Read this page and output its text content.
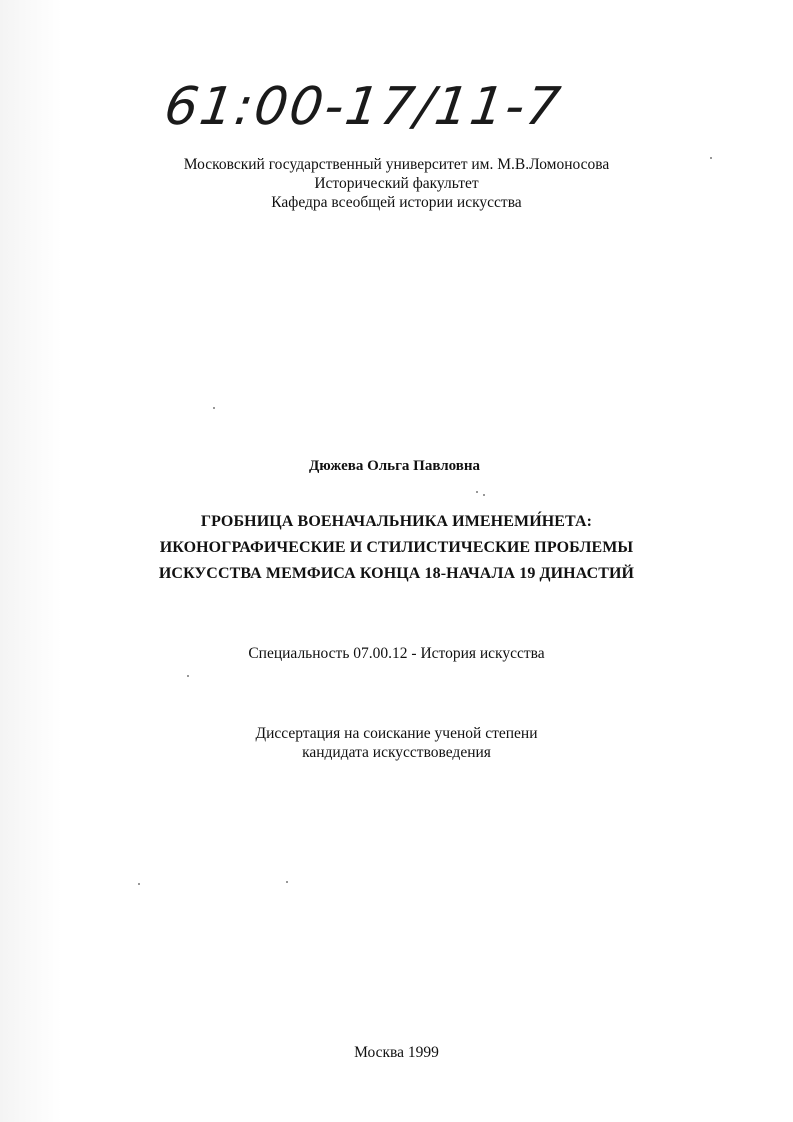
61:00-17/11-7
Московский государственный университет им. М.В.Ломоносова
Исторический факультет
Кафедра всеобщей истории искусства
Дюжева Ольга Павловна
ГРОБНИЦА ВОЕНАЧАЛЬНИКА ИМЕНЕМИ́НЕТА:
ИКОНОГРАФИЧЕСКИЕ И СТИЛИСТИЧЕСКИЕ ПРОБЛЕМЫ
ИСКУССТВА МЕМФИСА КОНЦА 18-НАЧАЛА 19 ДИНАСТИЙ
Специальность 07.00.12 - История искусства
Диссертация на соискание ученой степени
кандидата искусствоведения
Москва 1999
